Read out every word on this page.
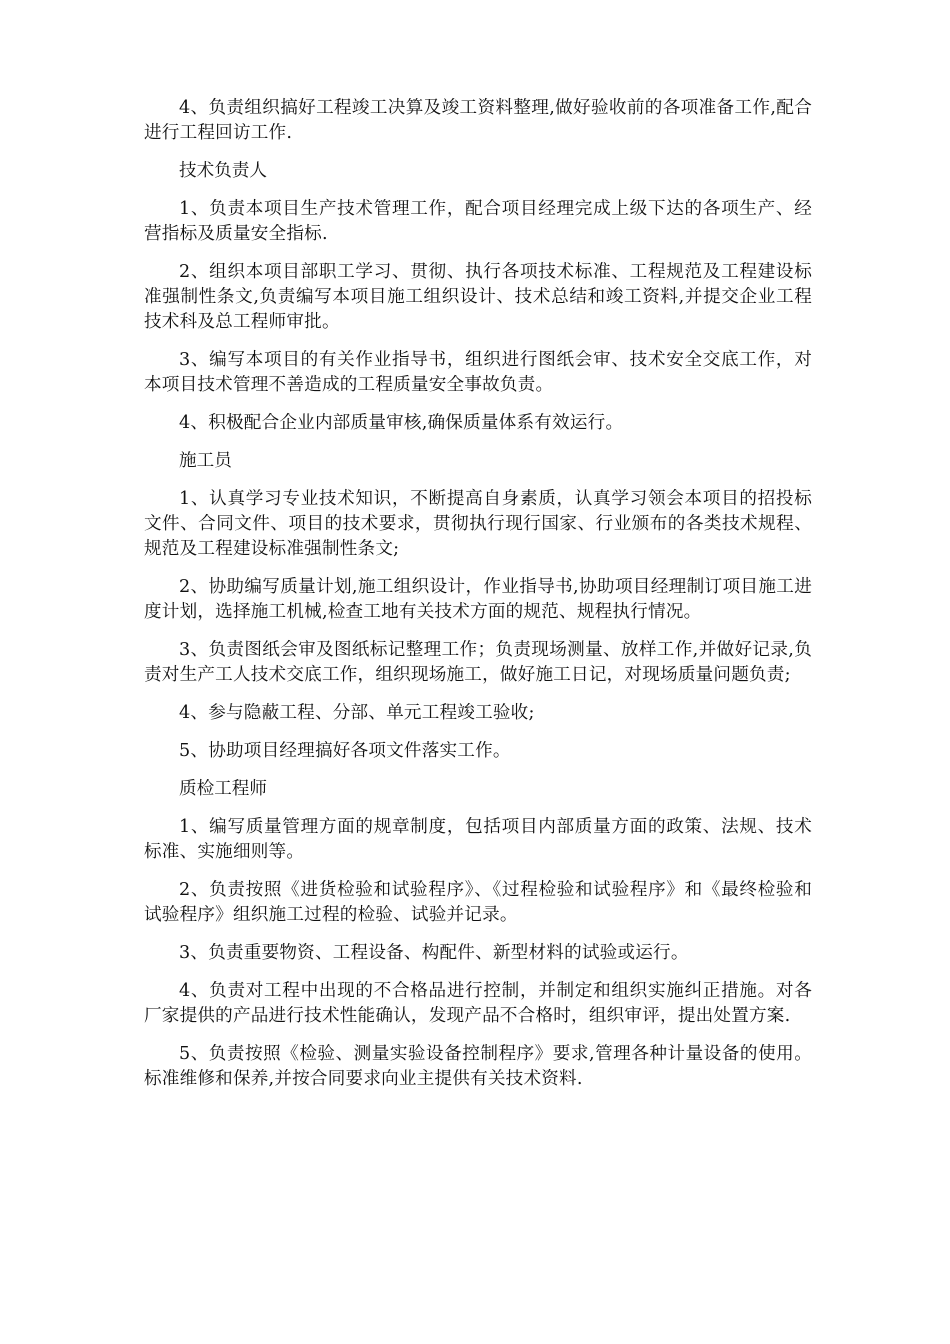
4、负责组织搞好工程竣工决算及竣工资料整理,做好验收前的各项准备工作,配合进行工程回访工作.

技术负责人

1、负责本项目生产技术管理工作，配合项目经理完成上级下达的各项生产、经营指标及质量安全指标.

2、组织本项目部职工学习、贯彻、执行各项技术标准、工程规范及工程建设标准强制性条文,负责编写本项目施工组织设计、技术总结和竣工资料,并提交企业工程技术科及总工程师审批。

3、编写本项目的有关作业指导书，组织进行图纸会审、技术安全交底工作，对本项目技术管理不善造成的工程质量安全事故负责。

4、积极配合企业内部质量审核,确保质量体系有效运行。

施工员

1、认真学习专业技术知识，不断提高自身素质，认真学习领会本项目的招投标文件、合同文件、项目的技术要求，贯彻执行现行国家、行业颁布的各类技术规程、规范及工程建设标准强制性条文;

2、协助编写质量计划,施工组织设计，作业指导书,协助项目经理制订项目施工进度计划，选择施工机械,检查工地有关技术方面的规范、规程执行情况。

3、负责图纸会审及图纸标记整理工作；负责现场测量、放样工作,并做好记录,负责对生产工人技术交底工作，组织现场施工，做好施工日记，对现场质量问题负责;

4、参与隐蔽工程、分部、单元工程竣工验收;

5、协助项目经理搞好各项文件落实工作。

质检工程师

1、编写质量管理方面的规章制度，包括项目内部质量方面的政策、法规、技术标准、实施细则等。

2、负责按照《进货检验和试验程序》、《过程检验和试验程序》和《最终检验和试验程序》组织施工过程的检验、试验并记录。

3、负责重要物资、工程设备、构配件、新型材料的试验或运行。

4、负责对工程中出现的不合格品进行控制，并制定和组织实施纠正措施。对各厂家提供的产品进行技术性能确认，发现产品不合格时，组织审评，提出处置方案.

5、负责按照《检验、测量实验设备控制程序》要求,管理各种计量设备的使用。标准维修和保养,并按合同要求向业主提供有关技术资料.
